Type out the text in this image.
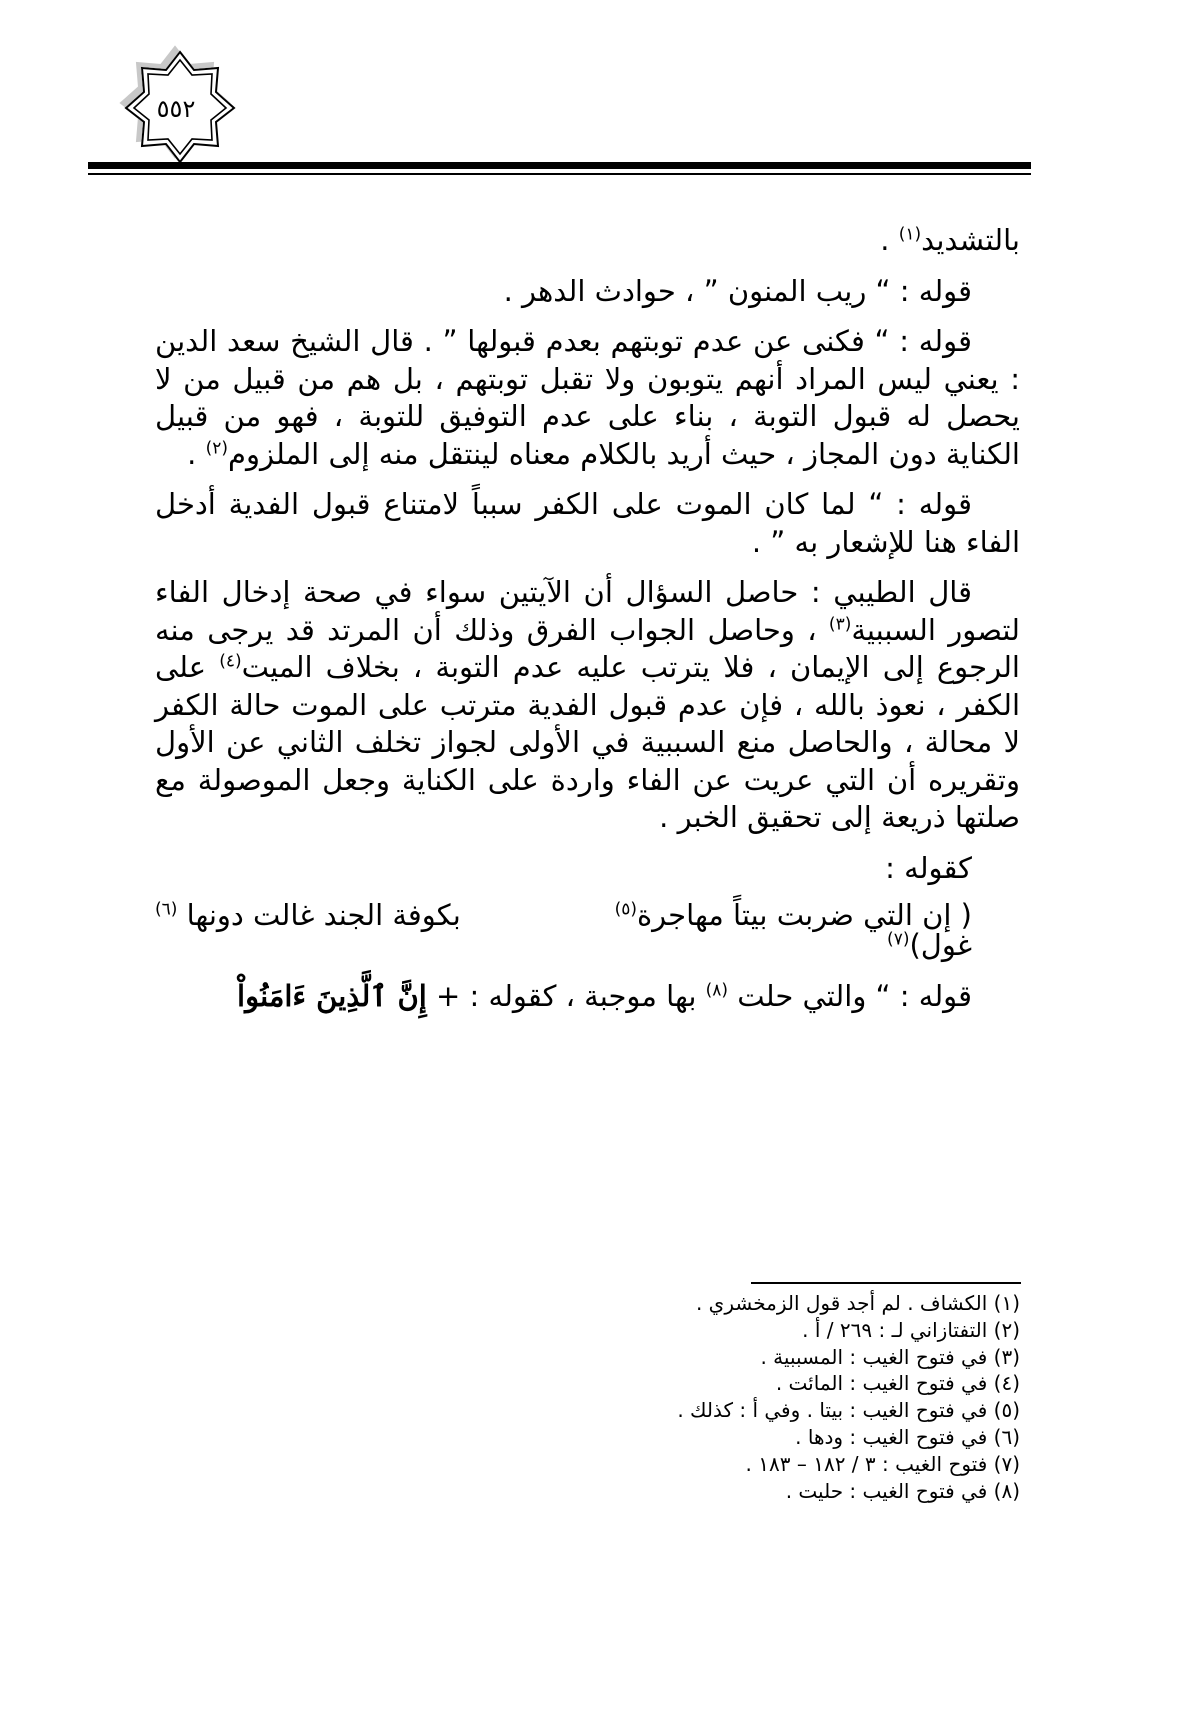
٥٥٢

بالتشديد$^{(١)}$ .

قوله : “ ريب المنون ” ، حوادث الدهر .

قوله : “ فكنى عن عدم توبتهم بعدم قبولها ” . قال الشيخ سعد الدين : يعني ليس المراد أنهم يتوبون ولا تقبل توبتهم ، بل هم من قبيل من لا يحصل له قبول التوبة ، بناء على عدم التوفيق للتوبة ، فهو من قبيل الكناية دون المجاز ، حيث أريد بالكلام معناه لينتقل منه إلى الملزوم$^{(٢)}$ .

قوله : “ لما كان الموت على الكفر سبباً لامتناع قبول الفدية أدخل الفاء هنا للإشعار به ” .

قال الطيبي : حاصل السؤال أن الآيتين سواء في صحة إدخال الفاء لتصور السببية$^{(٣)}$ ، وحاصل الجواب الفرق وذلك أن المرتد قد يرجى منه الرجوع إلى الإيمان ، فلا يترتب عليه عدم التوبة ، بخلاف الميت$^{(٤)}$ على الكفر ، نعوذ بالله ، فإن عدم قبول الفدية مترتب على الموت حالة الكفر لا محالة ، والحاصل منع السببية في الأولى لجواز تخلف الثاني عن الأول وتقريره أن التي عريت عن الفاء واردة على الكناية وجعل الموصولة مع صلتها ذريعة إلى تحقيق الخبر .

كقوله :

( إن التي ضربت بيتاً مهاجرة$^{(٥)}$
بكوفة الجند غالت دونها $^{(٦)}$
غول)$^{(٧)}$

قوله : “ والتي حلت $^{(٨)}$ بها موجبة ، كقوله : + إِنَّ ٱلَّذِينَ ءَامَنُواْ

(١) الكشاف . لم أجد قول الزمخشري .
(٢) التفتازاني لـ : ٢٦٩ / أ .
(٣) في فتوح الغيب : المسببية .
(٤) في فتوح الغيب : المائت .
(٥) في فتوح الغيب : بيتا . وفي أ : كذلك .
(٦) في فتوح الغيب : ودها .
(٧) فتوح الغيب : ٣ / ١٨٢ – ١٨٣ .
(٨) في فتوح الغيب : حليت .
